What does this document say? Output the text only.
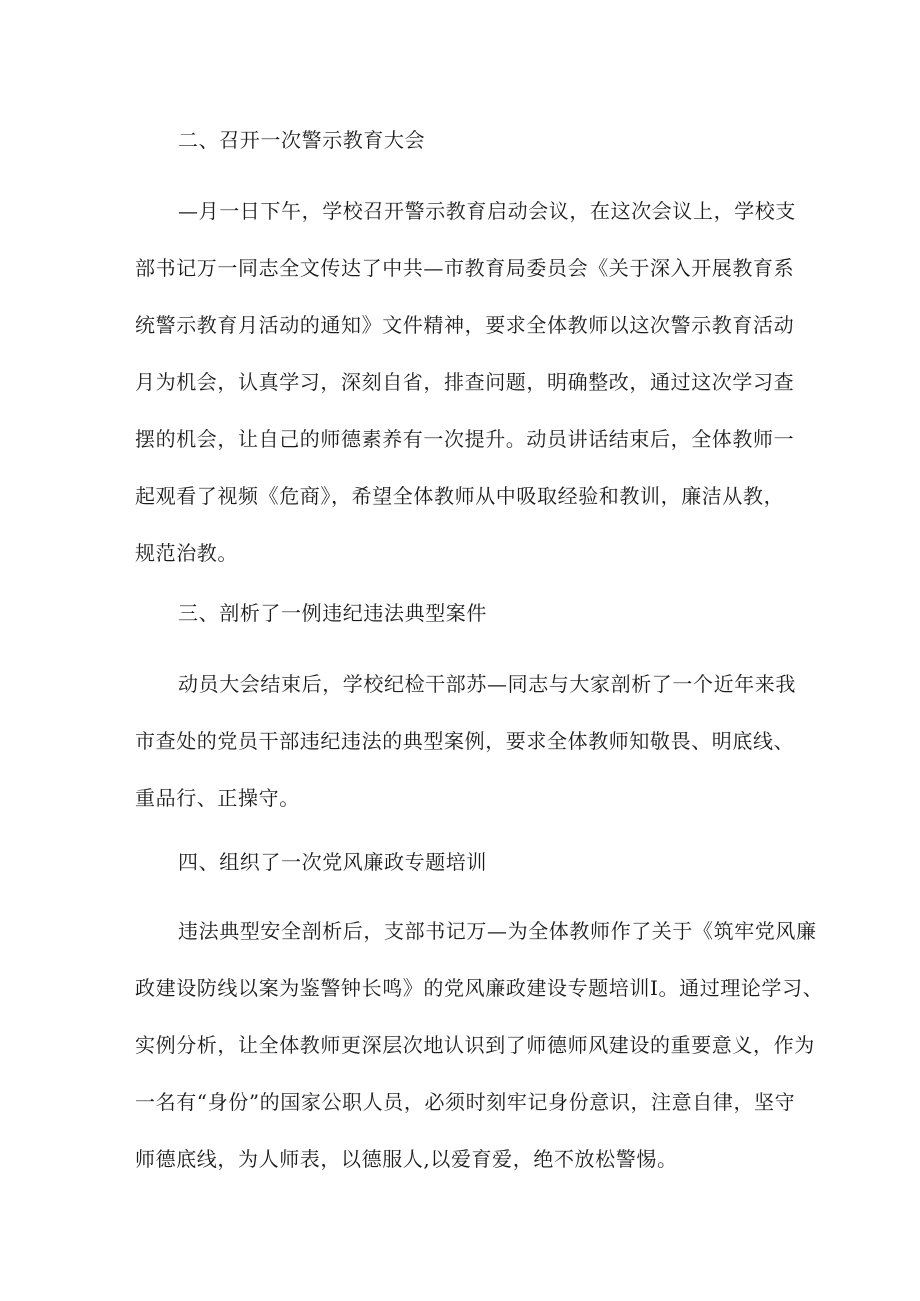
二、召开一次警示教育大会
—月一日下午，学校召开警示教育启动会议，在这次会议上，学校支
部书记万一同志全文传达了中共—市教育局委员会《关于深入开展教育系
统警示教育月活动的通知》文件精神，要求全体教师以这次警示教育活动
月为机会，认真学习，深刻自省，排查问题，明确整改，通过这次学习查
摆的机会，让自己的师德素养有一次提升。动员讲话结束后，全体教师一
起观看了视频《危商》，希望全体教师从中吸取经验和教训，廉洁从教，
规范治教。
三、剖析了一例违纪违法典型案件
动员大会结束后，学校纪检干部苏—同志与大家剖析了一个近年来我
市查处的党员干部违纪违法的典型案例，要求全体教师知敬畏、明底线、
重品行、正操守。
四、组织了一次党风廉政专题培训
违法典型安全剖析后，支部书记万—为全体教师作了关于《筑牢党风廉
政建设防线以案为鉴警钟长鸣》的党风廉政建设专题培训I。通过理论学习、
实例分析，让全体教师更深层次地认识到了师德师风建设的重要意义，作为
一名有“身份”的国家公职人员，必须时刻牢记身份意识，注意自律，坚守
师德底线，为人师表，以德服人,以爱育爱，绝不放松警惕。
